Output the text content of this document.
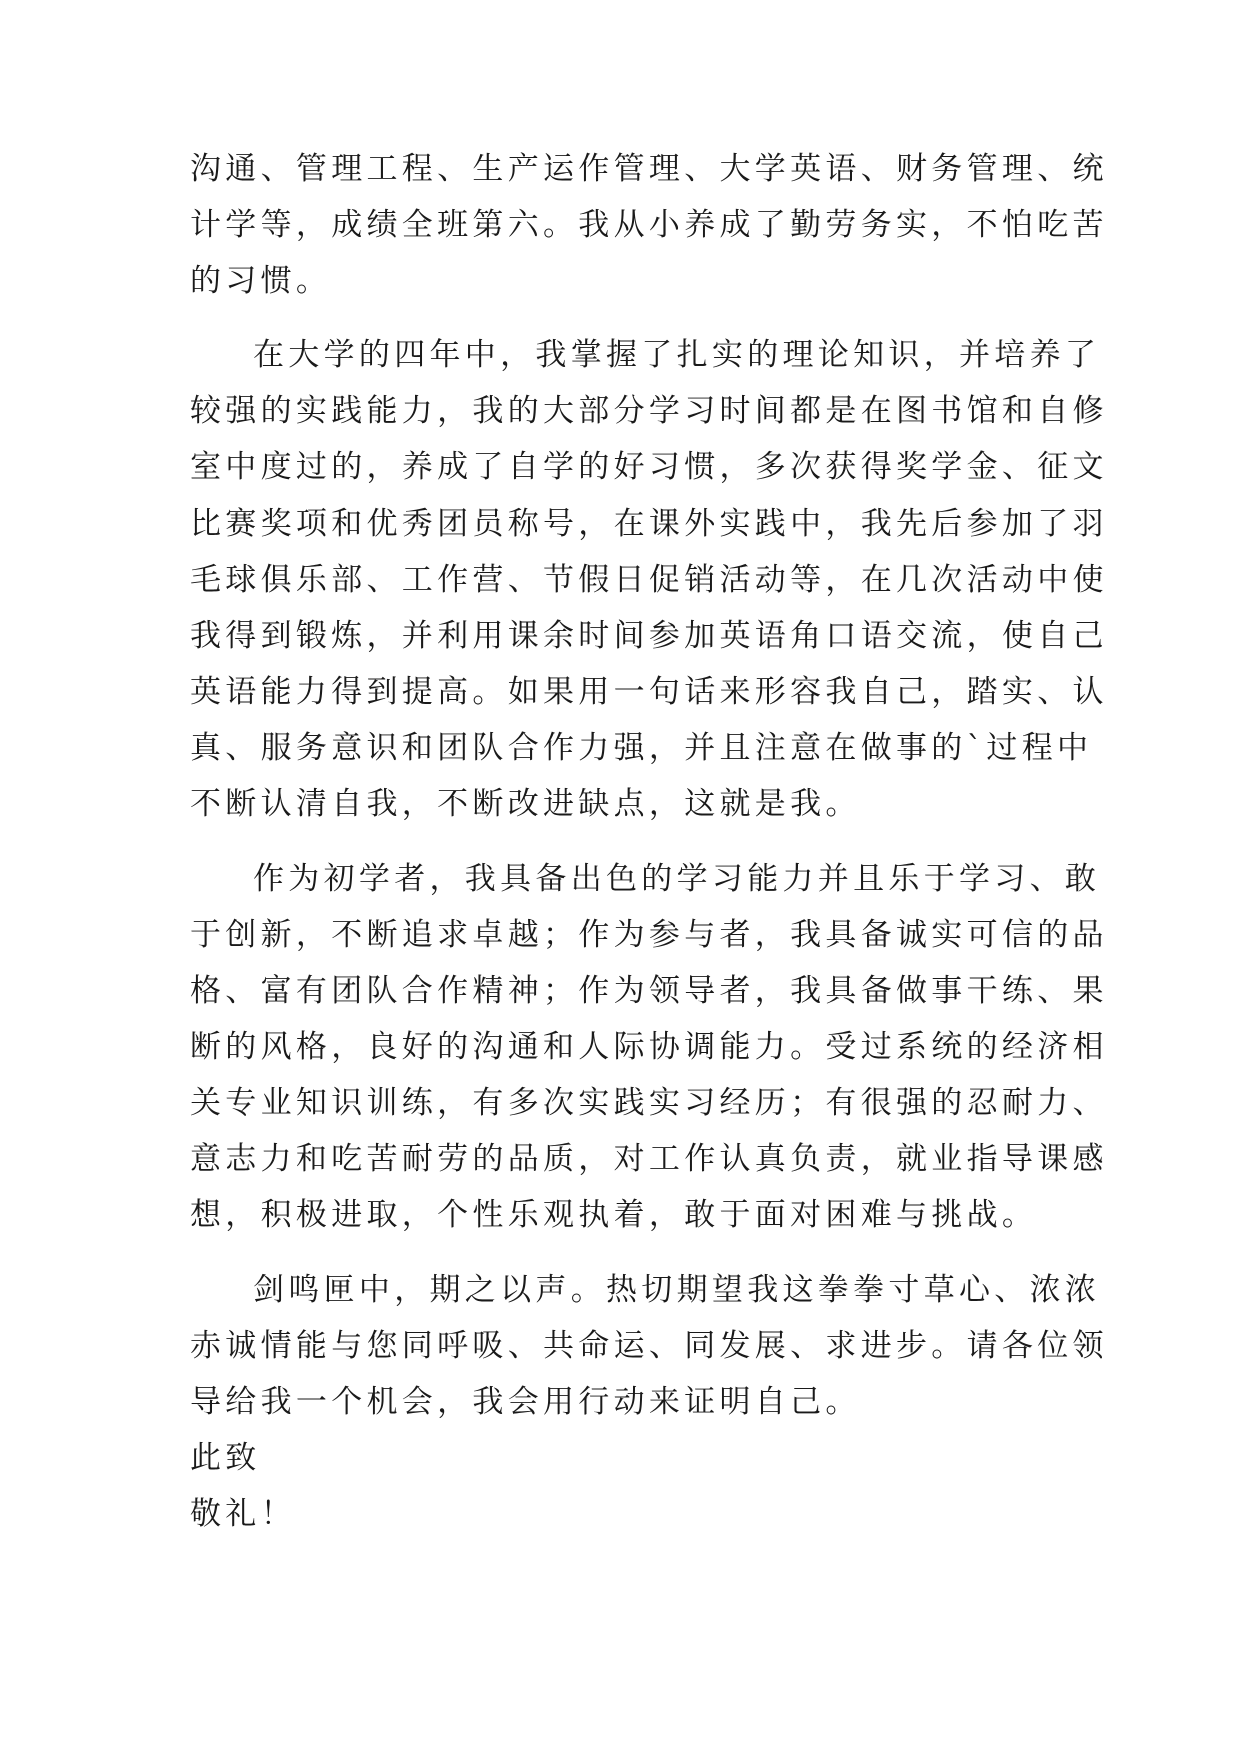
沟通、管理工程、生产运作管理、大学英语、财务管理、统

计学等，成绩全班第六。我从小养成了勤劳务实，不怕吃苦

的习惯。

在大学的四年中，我掌握了扎实的理论知识，并培养了

较强的实践能力，我的大部分学习时间都是在图书馆和自修

室中度过的，养成了自学的好习惯，多次获得奖学金、征文

比赛奖项和优秀团员称号，在课外实践中，我先后参加了羽

毛球俱乐部、工作营、节假日促销活动等，在几次活动中使

我得到锻炼，并利用课余时间参加英语角口语交流，使自己

英语能力得到提高。如果用一句话来形容我自己，踏实、认

真、服务意识和团队合作力强，并且注意在做事的`过程中

不断认清自我，不断改进缺点，这就是我。

作为初学者，我具备出色的学习能力并且乐于学习、敢

于创新，不断追求卓越；作为参与者，我具备诚实可信的品

格、富有团队合作精神；作为领导者，我具备做事干练、果

断的风格，良好的沟通和人际协调能力。受过系统的经济相

关专业知识训练，有多次实践实习经历；有很强的忍耐力、

意志力和吃苦耐劳的品质，对工作认真负责，就业指导课感

想，积极进取，个性乐观执着，敢于面对困难与挑战。

剑鸣匣中，期之以声。热切期望我这拳拳寸草心、浓浓

赤诚情能与您同呼吸、共命运、同发展、求进步。请各位领

导给我一个机会，我会用行动来证明自己。

此致

敬礼！
